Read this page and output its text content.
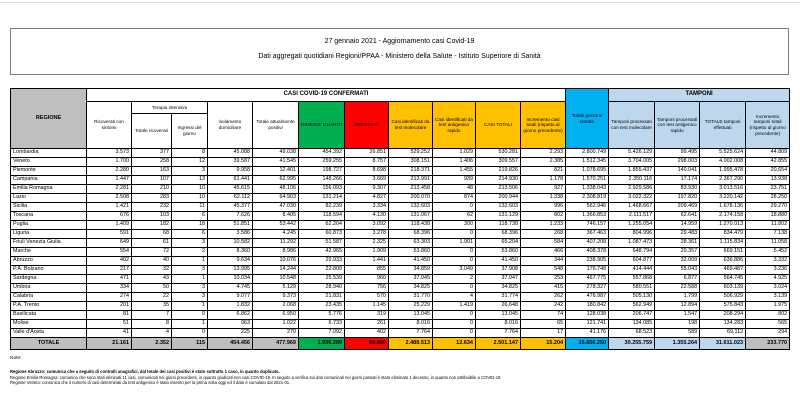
27 gennaio 2021 - Aggiornamento casi Covid-19
Dati aggregati quotidiani Regioni/PPAA - Ministero della Salute - Istituto Superiore di Sanità
REGIONE	CASI COVID-19 CONFERMATI											Totale persone testate	TAMPONI			
	Ricoverati con sintomi	Terapia intensiva		isolamento domiciliare	Totale attualmente positivi	DIMESSI/ GUARITI	DECEDUTI	Casi identificati da test molecolare	Casi identificati da test antigenico rapido	CASI TOTALI	Incremento casi totali (rispetto al giorno precedente)		Tamponi processati con test molecolare	Tamponi processati con test antigenico rapido	TOTALE tamponi effettuati	Incremento tamponi totali (rispetto al giorno precedente)
		Totale ricoverati	Ingressi del giorno													
Lombardia	3.573	377	8	45.088	49.038	454.392	26.851	529.252	1.029	530.281	2.293	2.800.749	5.426.129	99.495	5.525.624	44.809
Veneto	1.700	258	12	39.587	41.545	259.255	8.757	308.151	1.406	309.557	2.385	1.512.345	3.704.005	298.003	4.002.008	42.855
Piemonte	2.280	163	3	9.958	12.401	198.727	8.698	218.371	1.455	219.826	821	1.078.695	1.855.437	140.041	1.995.478	20.654
Campania	1.447	107	13	61.441	62.995	148.266	3.669	213.991	939	214.930	1.178	1.570.251	2.350.116	17.174	2.367.290	13.938
Emilia Romagna	2.281	210	10	45.615	48.106	156.093	9.307	213.458	48	213.506	927	1.338.043	2.929.586	83.930	3.013.516	23.751
Lazio	2.508	283	10	62.112	64.903	131.214	4.827	200.070	874	200.944	1.338	2.308.819	3.022.322	197.820	3.220.142	28.250
Sicilia	1.421	232	11	45.377	47.030	82.239	3.334	132.603	0	132.603	996	562.946	1.468.667	209.469	1.678.136	29.270
Toscana	676	103	6	7.626	8.405	118.594	4.130	131.067	62	131.129	802	1.366.853	2.111.517	62.641	2.174.158	18.880
Puglia	1.409	182	18	51.851	53.442	62.204	3.092	118.438	300	118.738	1.233	746.157	1.255.054	14.959	1.270.013	11.802
Liguria	591	68	6	3.586	4.245	60.873	3.278	68.396	0	68.396	268	367.463	804.996	29.483	834.479	7.138
Friuli Venezia Giulia	649	61	3	10.582	11.292	51.587	2.325	63.303	1.901	65.204	584	407.208	1.087.473	28.361	1.115.834	11.058
Marche	554	72	2	8.360	8.986	42.965	1.909	53.860	0	53.860	466	408.378	648.794	20.357	669.151	5.452
Abruzzo	402	40	1	9.634	10.076	29.933	1.441	41.450	0	41.450	344	238.905	604.877	32.009	636.886	3.332
P.A. Bolzano	217	32	3	13.995	14.244	22.809	855	34.859	3.049	37.908	548	176.748	414.444	55.043	469.487	3.236
Sardegna	471	43	1	10.034	10.548	25.539	960	37.045	2	37.047	253	467.775	557.868	6.877	564.745	4.925
Umbria	334	50	3	4.745	5.129	28.940	756	34.825	0	34.825	415	278.327	580.551	22.588	603.139	3.024
Calabria	274	22	3	9.077	9.373	21.831	570	31.770	4	31.774	262	476.987	505.130	1.799	506.929	3.139
P.A. Trento	201	35	1	1.832	2.068	23.435	1.145	25.229	1.419	26.648	242	180.842	562.949	12.894	575.843	1.975
Basilicata	81	7	0	6.862	6.950	5.776	319	13.045	0	13.045	74	128.038	206.747	1.547	208.294	802
Molise	51	8	1	963	1.022	6.733	261	8.016	0	8.016	65	121.741	134.085	198	134.283	565
Valle d'Aosta	41	4	0	225	270	7.092	402	7.764	0	7.764	17	41.176	68.523	589	69.112	294
TOTALE	21.161	2.352	115	454.456	477.969	1.936.289	86.889	2.488.513	12.634	2.501.147	15.204	16.656.250	30.255.759	1.355.264	31.611.023	233.770
Note:
Regione Abruzzo: comunica che a seguito di controlli anagrafici, dal totale dei casi positivi è stato sottratto 1 caso, in quanto duplicato.
Regione Emilia Romagna: comunica che sono stati eliminati 11 casi, comunicati nei giorni precedenti, in quanto giudicati non casi COVID-19. In seguito a verifica sui dati comunicati nei giorni passati è stato eliminato 1 decesso, in quanto non attribuibile a COVID-19.
Regione Veneto: comunica che il numero di casi determinati da test antigenico è stato inserito per la prima volta oggi ed il dato è cumulato dal 2021-01.
